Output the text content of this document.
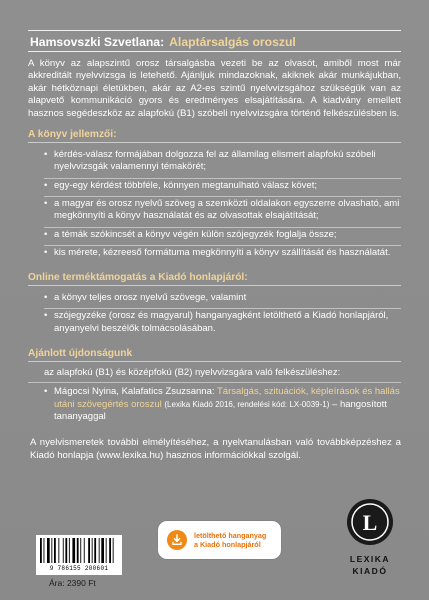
Hamsovszki Szvetlana: Alaptársalgás oroszul

A könyv az alapszintű orosz társalgásba vezeti be az olvasót, amiből most már akkreditált nyelvvizsga is letehető. Ajánljuk mindazoknak, akiknek akár munkájukban, akár hétköznapi életükben, akár az A2-es szintű nyelvvizsgához szükségük van az alapvető kommunikáció gyors és eredményes elsajátítására. A kiadvány emellett hasznos segédeszköz az alapfokú (B1) szóbeli nyelvvizsgára történő felkészülésben is.

A könyv jellemzői:
• kérdés-válasz formájában dolgozza fel az államilag elismert alapfokú szóbeli nyelvvizsgák valamennyi témakörét;
• egy-egy kérdést többféle, könnyen megtanulható válasz követ;
• a magyar és orosz nyelvű szöveg a szemközti oldalakon egyszerre olvasható, ami megkönnyíti a könyv használatát és az olvasottak elsajátítását;
• a témák szókincsét a könyv végén külön szójegyzék foglalja össze;
• kis mérete, kézreeső formátuma megkönnyíti a könyv szállítását és használatát.
Online terméktámogatás a Kiadó honlapjáról:
• a könyv teljes orosz nyelvű szövege, valamint
• szójegyzéke (orosz és magyarul) hanganyagként letölthető a Kiadó honlapjáról, anyanyelvi beszélők tolmácsolásában.
Ajánlott újdonságunk
az alapfokú (B1) és középfokú (B2) nyelvvizsgára való felkészüléshez:
• Mágocsi Nyina, Kalafatics Zsuzsanna: Társalgás, szituációk, képleírások és hallás utáni szövegértés oroszul (Lexika Kiadó 2016, rendelési kód: LX-0039-1) – hangosított tananyaggal

A nyelvismeretek további elmélyítéséhez, a nyelvtanulásban való továbbképzéshez a Kiadó honlapja (www.lexika.hu) hasznos információkkal szolgál.

letölthető hanganyag
a Kiadó honlapjáról
9 786155 200601
Ára: 2390 Ft
L
LEXIKA
KIADÓ
